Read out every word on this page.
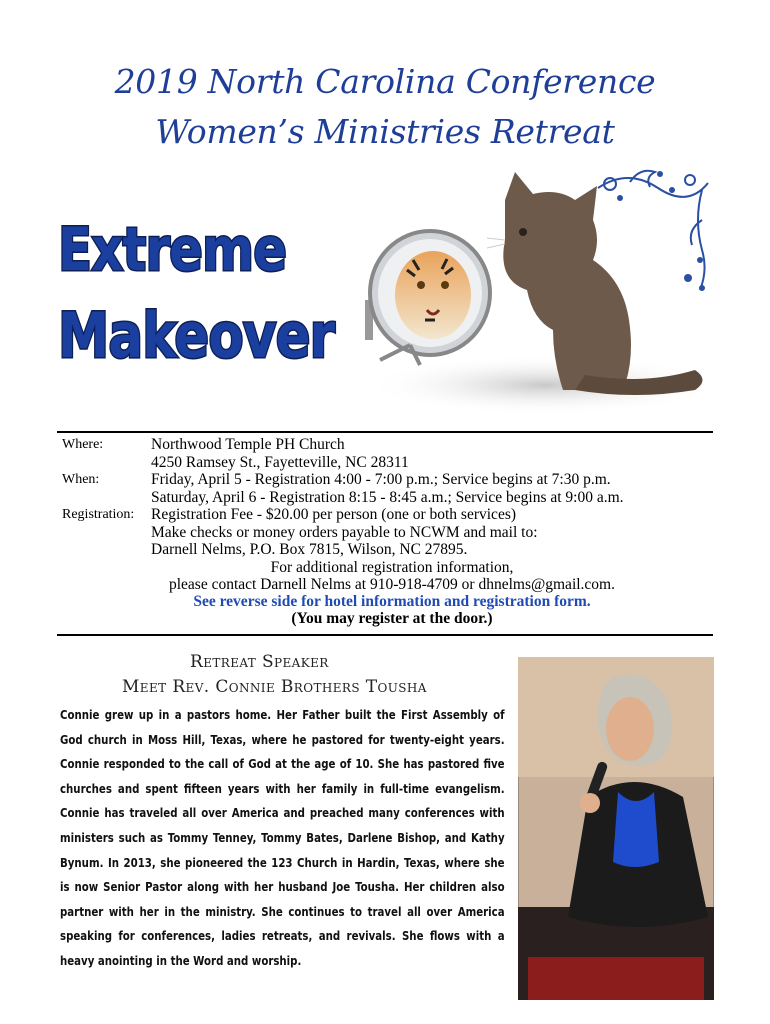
2019 North Carolina Conference
Women’s Ministries Retreat
Extreme
Makeover
Where:	Northwood Temple PH Church
4250 Ramsey St., Fayetteville, NC 28311
When:	Friday, April 5 - Registration 4:00 - 7:00 p.m.; Service begins at 7:30 p.m.
Saturday, April 6 - Registration 8:15 - 8:45 a.m.; Service begins at 9:00 a.m.
Registration: Registration Fee - $20.00 per person (one or both services)
Make checks or money orders payable to NCWM and mail to:
Darnell Nelms, P.O. Box 7815, Wilson, NC 27895.
For additional registration information,
please contact Darnell Nelms at 910-918-4709 or dhnelms@gmail.com.
See reverse side for hotel information and registration form.
(You may register at the door.)
Retreat Speaker
Meet Rev. Connie Brothers Tousha
Connie grew up in a pastors home. Her Father built the First Assembly of God church in Moss Hill, Texas, where he pastored for twenty-eight years. Connie responded to the call of God at the age of 10. She has pastored five churches and spent fifteen years with her family in full-time evangelism. Connie has traveled all over America and preached many conferences with ministers such as Tommy Tenney, Tommy Bates, Darlene Bishop, and Kathy Bynum. In 2013, she pioneered the 123 Church in Hardin, Texas, where she is now Senior Pastor along with her husband Joe Tousha. Her children also partner with her in the ministry. She continues to travel all over America speaking for conferences, ladies retreats, and revivals. She flows with a heavy anointing in the Word and worship.
